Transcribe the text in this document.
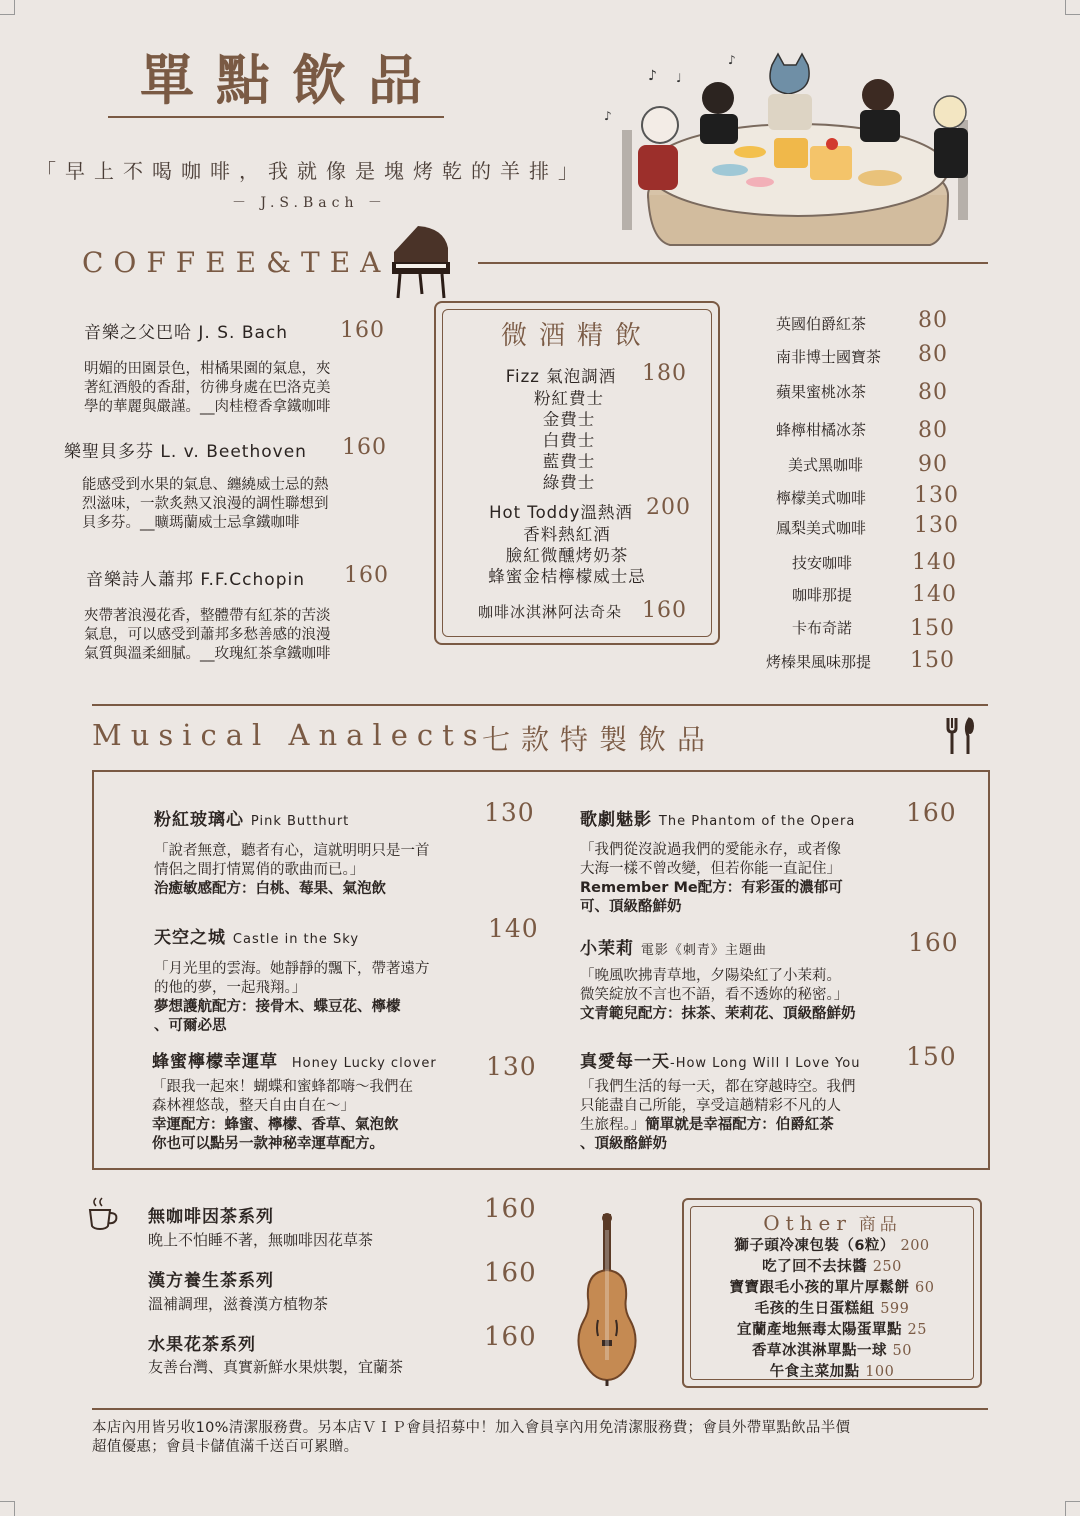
單點飲品
「早上不喝咖啡，我就像是塊烤乾的羊排」
－ J.S.Bach －
♪ ♩
♪
♪
COFFEE&TEA
音樂之父巴哈 J. S. Bach 160
明媚的田園景色，柑橘果園的氣息，夾
著紅酒般的香甜，彷彿身處在巴洛克美
學的華麗與嚴謹。__肉桂橙香拿鐵咖啡
樂聖貝多芬 L. v. Beethoven 160
能感受到水果的氣息、纏繞威士忌的熱
烈滋味，一款炙熱又浪漫的調性聯想到
貝多芬。__曠瑪蘭威士忌拿鐵咖啡
音樂詩人蕭邦 F.F.Cchopin 160
夾帶著浪漫花香，整體帶有紅茶的苦淡
氣息，可以感受到蕭邦多愁善感的浪漫
氣質與溫柔細膩。__玫瑰紅茶拿鐵咖啡
微酒精飲
Fizz 氣泡調酒	180
粉紅費士
金費士
白費士
藍費士
綠費士
Hot Toddy溫熱酒 200
香料熱紅酒
臉紅微醺烤奶茶
蜂蜜金桔檸檬威士忌
咖啡冰淇淋阿法奇朵 160
英國伯爵紅茶 80
南非博士國寶茶 80
蘋果蜜桃冰茶 80
蜂檸柑橘冰茶 80
美式黑咖啡 90
檸檬美式咖啡 130
鳳梨美式咖啡 130
技安咖啡	140
咖啡那提	140
卡布奇諾	150
烤榛果風味那提 150
Musical Analects
七款特製飲品
粉紅玻璃心 Pink Butthurt	130
「說者無意，聽者有心，這就明明只是一首
情侶之間打情罵俏的歌曲而已。」
治癒敏感配方：白桃、莓果、氣泡飲
天空之城 Castle in the Sky	140
「月光里的雲海。她靜靜的飄下，帶著遠方
的他的夢，一起飛翔。」
夢想護航配方：接骨木、蝶豆花、檸檬
、可爾必思
蜂蜜檸檬幸運草 Honey Lucky clover 130
「跟我一起來！蝴蝶和蜜蜂都嗨～我們在
森林裡悠哉，整天自由自在～」
幸運配方：蜂蜜、檸檬、香草、氣泡飲
你也可以點另一款神秘幸運草配方。
歌劇魅影 The Phantom of the Opera 160
「我們從沒說過我們的愛能永存，或者像
大海一樣不曾改變，但若你能一直記住」
Remember Me配方：有彩蛋的濃郁可
可、頂級酪鮮奶
小茉莉 電影《刺青》主題曲	160
「晚風吹拂青草地，夕陽染紅了小茉莉。
微笑綻放不言也不語，看不透妳的秘密。」
文青範兒配方：抹茶、茉莉花、頂級酪鮮奶
真愛每一天-How Long Will I Love You 150
「我們生活的每一天，都在穿越時空。我們
只能盡自己所能，享受這趟精彩不凡的人
生旅程。」簡單就是幸福配方：伯爵紅茶
、頂級酪鮮奶
無咖啡因茶系列
晚上不怕睡不著，無咖啡因花草茶
160
漢方養生茶系列
溫補調理，滋養漢方植物茶
160
水果花茶系列
友善台灣、真實新鮮水果烘製，宜蘭茶
160
Other 商品
獅子頭冷凍包裝（6粒） 200
吃了回不去抹醬 250
寶寶跟毛小孩的單片厚鬆餅 60
毛孩的生日蛋糕組 599
宜蘭產地無毒太陽蛋單點 25
香草冰淇淋單點一球 50
午食主菜加點 100
本店內用皆另收10%清潔服務費。另本店ＶＩＰ會員招募中！加入會員享內用免清潔服務費；會員外帶單點飲品半價
超值優惠；會員卡儲值滿千送百可累贈。
